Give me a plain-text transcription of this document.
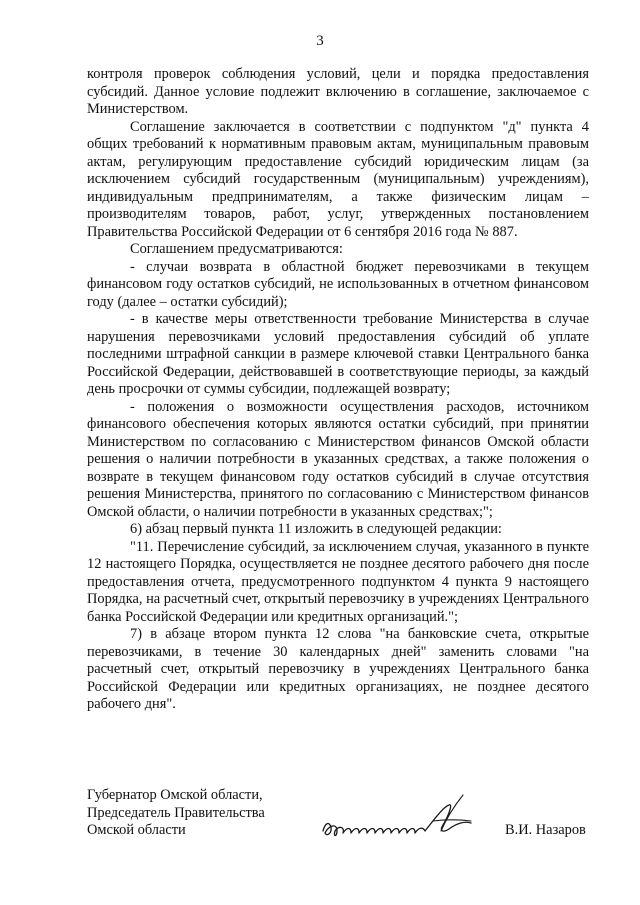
3

контроля проверок соблюдения условий, цели и порядка предоставления субсидий. Данное условие подлежит включению в соглашение, заключаемое с Министерством.

Соглашение заключается в соответствии с подпунктом "д" пункта 4 общих требований к нормативным правовым актам, муниципальным правовым актам, регулирующим предоставление субсидий юридическим лицам (за исключением субсидий государственным (муниципальным) учреждениям), индивидуальным предпринимателям, а также физическим лицам – производителям товаров, работ, услуг, утвержденных постановлением Правительства Российской Федерации от 6 сентября 2016 года № 887.

Соглашением предусматриваются:

- случаи возврата в областной бюджет перевозчиками в текущем финансовом году остатков субсидий, не использованных в отчетном финансовом году (далее – остатки субсидий);

- в качестве меры ответственности требование Министерства в случае нарушения перевозчиками условий предоставления субсидий об уплате последними штрафной санкции в размере ключевой ставки Центрального банка Российской Федерации, действовавшей в соответствующие периоды, за каждый день просрочки от суммы субсидии, подлежащей возврату;

- положения о возможности осуществления расходов, источником финансового обеспечения которых являются остатки субсидий, при принятии Министерством по согласованию с Министерством финансов Омской области решения о наличии потребности в указанных средствах, а также положения о возврате в текущем финансовом году остатков субсидий в случае отсутствия решения Министерства, принятого по согласованию с Министерством финансов Омской области, о наличии потребности в указанных средствах;";

6) абзац первый пункта 11 изложить в следующей редакции:

"11. Перечисление субсидий, за исключением случая, указанного в пункте 12 настоящего Порядка, осуществляется не позднее десятого рабочего дня после предоставления отчета, предусмотренного подпунктом 4 пункта 9 настоящего Порядка, на расчетный счет, открытый перевозчику в учреждениях Центрального банка Российской Федерации или кредитных организаций.";

7) в абзаце втором пункта 12 слова "на банковские счета, открытые перевозчиками, в течение 30 календарных дней" заменить словами "на расчетный счет, открытый перевозчику в учреждениях Центрального банка Российской Федерации или кредитных организациях, не позднее десятого рабочего дня".

Губернатор Омской области,
Председатель Правительства
Омской области	В.И. Назаров
